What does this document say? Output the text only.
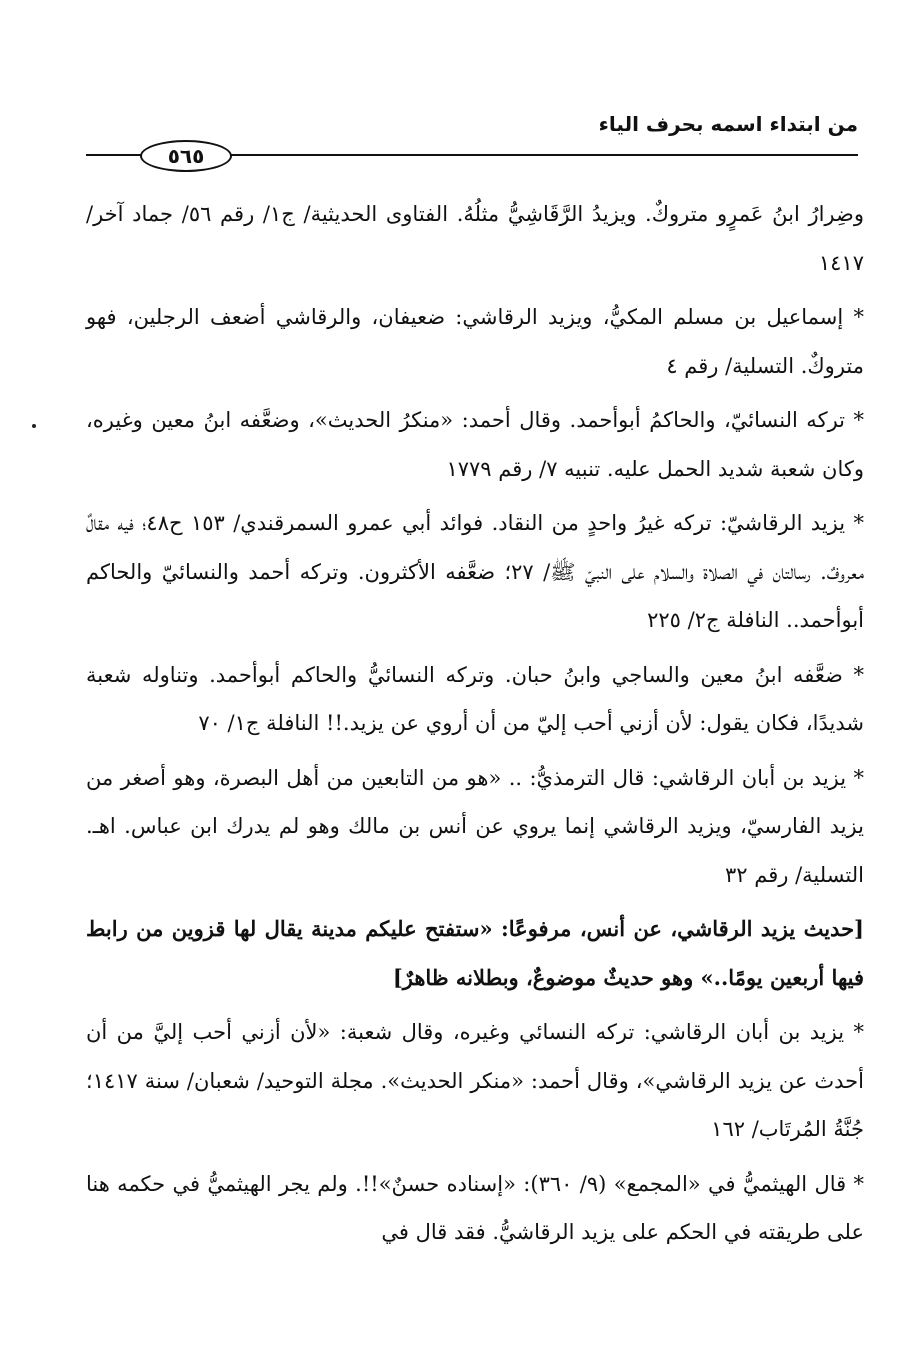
من ابتداء اسمه بحرف الياء
٥٦٥

وضِرارُ ابنُ عَمرٍو متروكٌ. ويزيدُ الرَّقَاشِيُّ مثلُهُ. الفتاوى الحديثية/ ج١/ رقم ٥٦/ جماد آخر/ ١٤١٧

* إسماعيل بن مسلم المكيُّ، ويزيد الرقاشي: ضعيفان، والرقاشي أضعف الرجلين، فهو متروكٌ. التسلية/ رقم ٤

* تركه النسائيّ، والحاكمُ أبوأحمد. وقال أحمد: «منكرُ الحديث»، وضعَّفه ابنُ معين وغيره، وكان شعبة شديد الحمل عليه. تنبيه ٧/ رقم ١٧٧٩

* يزيد الرقاشيّ: تركه غيرُ واحدٍ من النقاد. فوائد أبي عمرو السمرقندي/ ١٥٣ ح٤٨؛ فيه مقالٌ معروفٌ. رسالتان في الصلاة والسلام على النبيّ ﷺ/ ٢٧؛ ضعَّفه الأكثرون. وتركه أحمد والنسائيّ والحاكم أبوأحمد.. النافلة ج٢/ ٢٢٥

* ضعَّفه ابنُ معين والساجي وابنُ حبان. وتركه النسائيُّ والحاكم أبوأحمد. وتناوله شعبة شديدًا، فكان يقول: لأن أزني أحب إليّ من أن أروي عن يزيد.!! النافلة ج١/ ٧٠

* يزيد بن أبان الرقاشي: قال الترمذيُّ: .. «هو من التابعين من أهل البصرة، وهو أصغر من يزيد الفارسيّ، ويزيد الرقاشي إنما يروي عن أنس بن مالك وهو لم يدرك ابن عباس. اهـ. التسلية/ رقم ٣٢

[حديث يزيد الرقاشي، عن أنس، مرفوعًا: «ستفتح عليكم مدينة يقال لها قزوين من رابط فيها أربعين يومًا..» وهو حديثٌ موضوعٌ، وبطلانه ظاهرٌ]

* يزيد بن أبان الرقاشي: تركه النسائي وغيره، وقال شعبة: «لأن أزني أحب إليَّ من أن أحدث عن يزيد الرقاشي»، وقال أحمد: «منكر الحديث». مجلة التوحيد/ شعبان/ سنة ١٤١٧؛ جُنَّةُ المُرتَاب/ ١٦٢

* قال الهيثميُّ في «المجمع» (٩/ ٣٦٠): «إسناده حسنٌ»!!. ولم يجر الهيثميُّ في حكمه هنا على طريقته في الحكم على يزيد الرقاشيُّ. فقد قال في
